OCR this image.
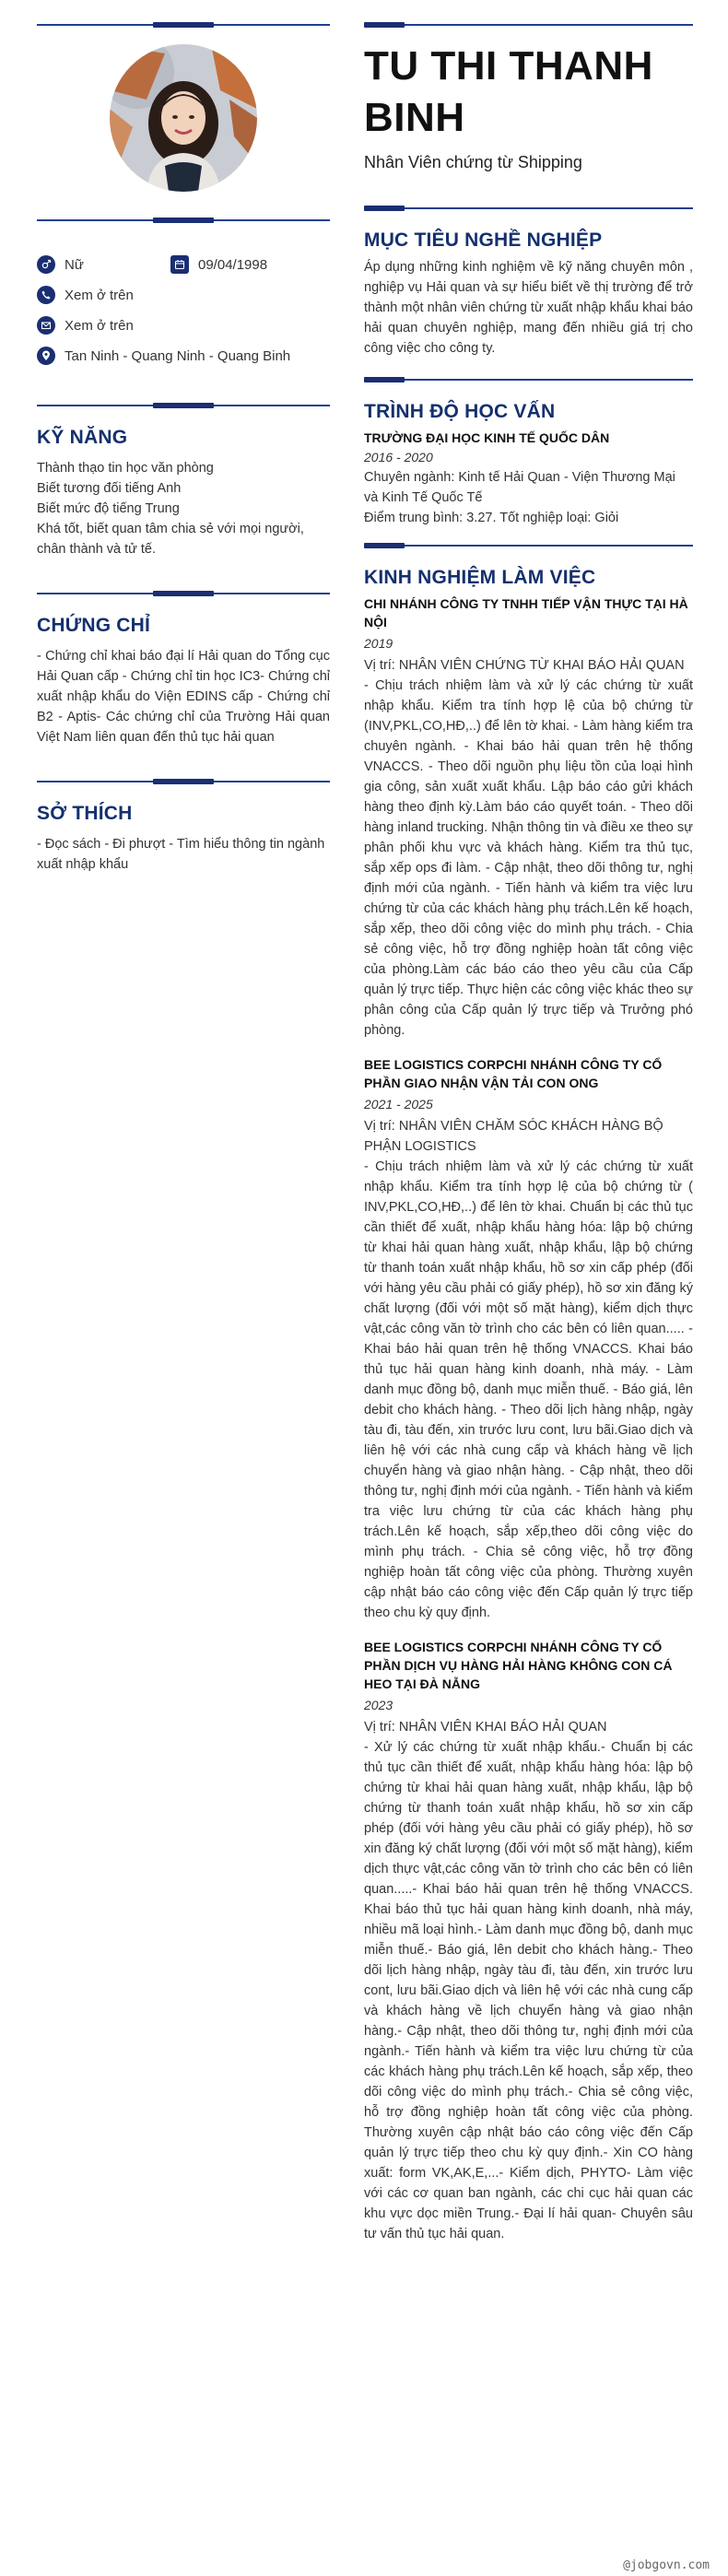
Nữ	09/04/1998
Xem ở trên
Xem ở trên
Tan Ninh - Quang Ninh - Quang Binh
KỸ NĂNG
Thành thạo tin học văn phòng
Biết tương đối tiếng Anh
Biết mức độ tiếng Trung
Khá tốt, biết quan tâm chia sẻ với mọi người, chân thành và tử tế.
CHỨNG CHỈ
- Chứng chỉ khai báo đại lí Hải quan do Tổng cục Hải Quan cấp - Chứng chỉ tin học IC3- Chứng chỉ xuất nhập khẩu do Viện EDINS cấp - Chứng chỉ B2 - Aptis- Các chứng chỉ của Trường Hải quan Việt Nam liên quan đến thủ tục hải quan
SỞ THÍCH
- Đọc sách - Đi phượt - Tìm hiểu thông tin ngành xuất nhập khẩu
TU THI THANH BINH
Nhân Viên chứng từ Shipping
MỤC TIÊU NGHỀ NGHIỆP
Áp dụng những kinh nghiệm về kỹ năng chuyên môn , nghiệp vụ Hải quan và sự hiểu biết về thị trường để trở thành một nhân viên chứng từ xuất nhập khẩu khai báo hải quan chuyên nghiệp, mang đến nhiều giá trị cho công việc cho công ty.
TRÌNH ĐỘ HỌC VẤN
TRƯỜNG ĐẠI HỌC KINH TẾ QUỐC DÂN
2016 - 2020
Chuyên ngành: Kinh tế Hải Quan - Viện Thương Mại và Kinh Tế Quốc Tế
Điểm trung bình: 3.27. Tốt nghiệp loại: Giỏi
KINH NGHIỆM LÀM VIỆC
CHI NHÁNH CÔNG TY TNHH TIẾP VẬN THỰC TẠI HÀ NỘI
2019
Vị trí: NHÂN VIÊN CHỨNG TỪ KHAI BÁO HẢI QUAN
- Chịu trách nhiệm làm và xử lý các chứng từ xuất nhập khẩu. Kiểm tra tính hợp lệ của bộ chứng từ (INV,PKL,CO,HĐ,..) để lên tờ khai. - Làm hàng kiểm tra chuyên ngành. - Khai báo hải quan trên hệ thống VNACCS. - Theo dõi nguồn phụ liệu tồn của loại hình gia công, sản xuất xuất khẩu. Lập báo cáo gửi khách hàng theo định kỳ.Làm báo cáo quyết toán. - Theo dõi hàng inland trucking. Nhận thông tin và điều xe theo sự phân phối khu vực và khách hàng. Kiểm tra thủ tục, sắp xếp ops đi làm. - Cập nhật, theo dõi thông tư, nghị định mới của ngành. - Tiến hành và kiểm tra việc lưu chứng từ của các khách hàng phụ trách.Lên kế hoạch, sắp xếp, theo dõi công việc do mình phụ trách. - Chia sẻ công việc, hỗ trợ đồng nghiệp hoàn tất công việc của phòng.Làm các báo cáo theo yêu cầu của Cấp quản lý trực tiếp. Thực hiện các công việc khác theo sự phân công của Cấp quản lý trực tiếp và Trưởng phó phòng.
BEE LOGISTICS CORPCHI NHÁNH CÔNG TY CỔ PHẦN GIAO NHẬN VẬN TẢI CON ONG
2021 - 2025
Vị trí: NHÂN VIÊN CHĂM SÓC KHÁCH HÀNG BỘ PHẬN LOGISTICS
- Chịu trách nhiệm làm và xử lý các chứng từ xuất nhập khẩu. Kiểm tra tính hợp lệ của bộ chứng từ ( INV,PKL,CO,HĐ,..) để lên tờ khai. Chuẩn bị các thủ tục cần thiết để xuất, nhập khẩu hàng hóa: lập bộ chứng từ khai hải quan hàng xuất, nhập khẩu, lập bộ chứng từ thanh toán xuất nhập khẩu, hồ sơ xin cấp phép (đối với hàng yêu cầu phải có giấy phép), hồ sơ xin đăng ký chất lượng (đối với một số mặt hàng), kiểm dịch thực vật,các công văn tờ trình cho các bên có liên quan..... - Khai báo hải quan trên hệ thống VNACCS. Khai báo thủ tục hải quan hàng kinh doanh, nhà máy. - Làm danh mục đồng bộ, danh mục miễn thuế. - Báo giá, lên debit cho khách hàng. - Theo dõi lịch hàng nhập, ngày tàu đi, tàu đến, xin trước lưu cont, lưu bãi.Giao dịch và liên hệ với các nhà cung cấp và khách hàng về lịch chuyển hàng và giao nhận hàng. - Cập nhật, theo dõi thông tư, nghị định mới của ngành. - Tiến hành và kiểm tra việc lưu chứng từ của các khách hàng phụ trách.Lên kế hoạch, sắp xếp,theo dõi công việc do mình phụ trách. - Chia sẻ công việc, hỗ trợ đồng nghiệp hoàn tất công việc của phòng. Thường xuyên cập nhật báo cáo công việc đến Cấp quản lý trực tiếp theo chu kỳ quy định.
BEE LOGISTICS CORPCHI NHÁNH CÔNG TY CỔ PHẦN DỊCH VỤ HÀNG HẢI HÀNG KHÔNG CON CÁ HEO TẠI ĐÀ NẴNG
2023
Vị trí: NHÂN VIÊN KHAI BÁO HẢI QUAN
- Xử lý các chứng từ xuất nhập khẩu.- Chuẩn bị các thủ tục cần thiết để xuất, nhập khẩu hàng hóa: lập bộ chứng từ khai hải quan hàng xuất, nhập khẩu, lập bộ chứng từ thanh toán xuất nhập khẩu, hồ sơ xin cấp phép (đối với hàng yêu cầu phải có giấy phép), hồ sơ xin đăng ký chất lượng (đối với một số mặt hàng), kiểm dịch thực vật,các công văn tờ trình cho các bên có liên quan.....- Khai báo hải quan trên hệ thống VNACCS. Khai báo thủ tục hải quan hàng kinh doanh, nhà máy, nhiều mã loại hình.- Làm danh mục đồng bộ, danh mục miễn thuế.- Báo giá, lên debit cho khách hàng.- Theo dõi lịch hàng nhập, ngày tàu đi, tàu đến, xin trước lưu cont, lưu bãi.Giao dịch và liên hệ với các nhà cung cấp và khách hàng về lịch chuyển hàng và giao nhận hàng.- Cập nhật, theo dõi thông tư, nghị định mới của ngành.- Tiến hành và kiểm tra việc lưu chứng từ của các khách hàng phụ trách.Lên kế hoạch, sắp xếp, theo dõi công việc do mình phụ trách.- Chia sẻ công việc, hỗ trợ đồng nghiệp hoàn tất công việc của phòng. Thường xuyên cập nhật báo cáo công việc đến Cấp quản lý trực tiếp theo chu kỳ quy định.- Xin CO hàng xuất: form VK,AK,E,...- Kiểm dịch, PHYTO- Làm việc với các cơ quan ban ngành, các chi cục hải quan các khu vực dọc miền Trung.- Đại lí hải quan- Chuyên sâu tư vấn thủ tục hải quan.
@jobgovn.com
